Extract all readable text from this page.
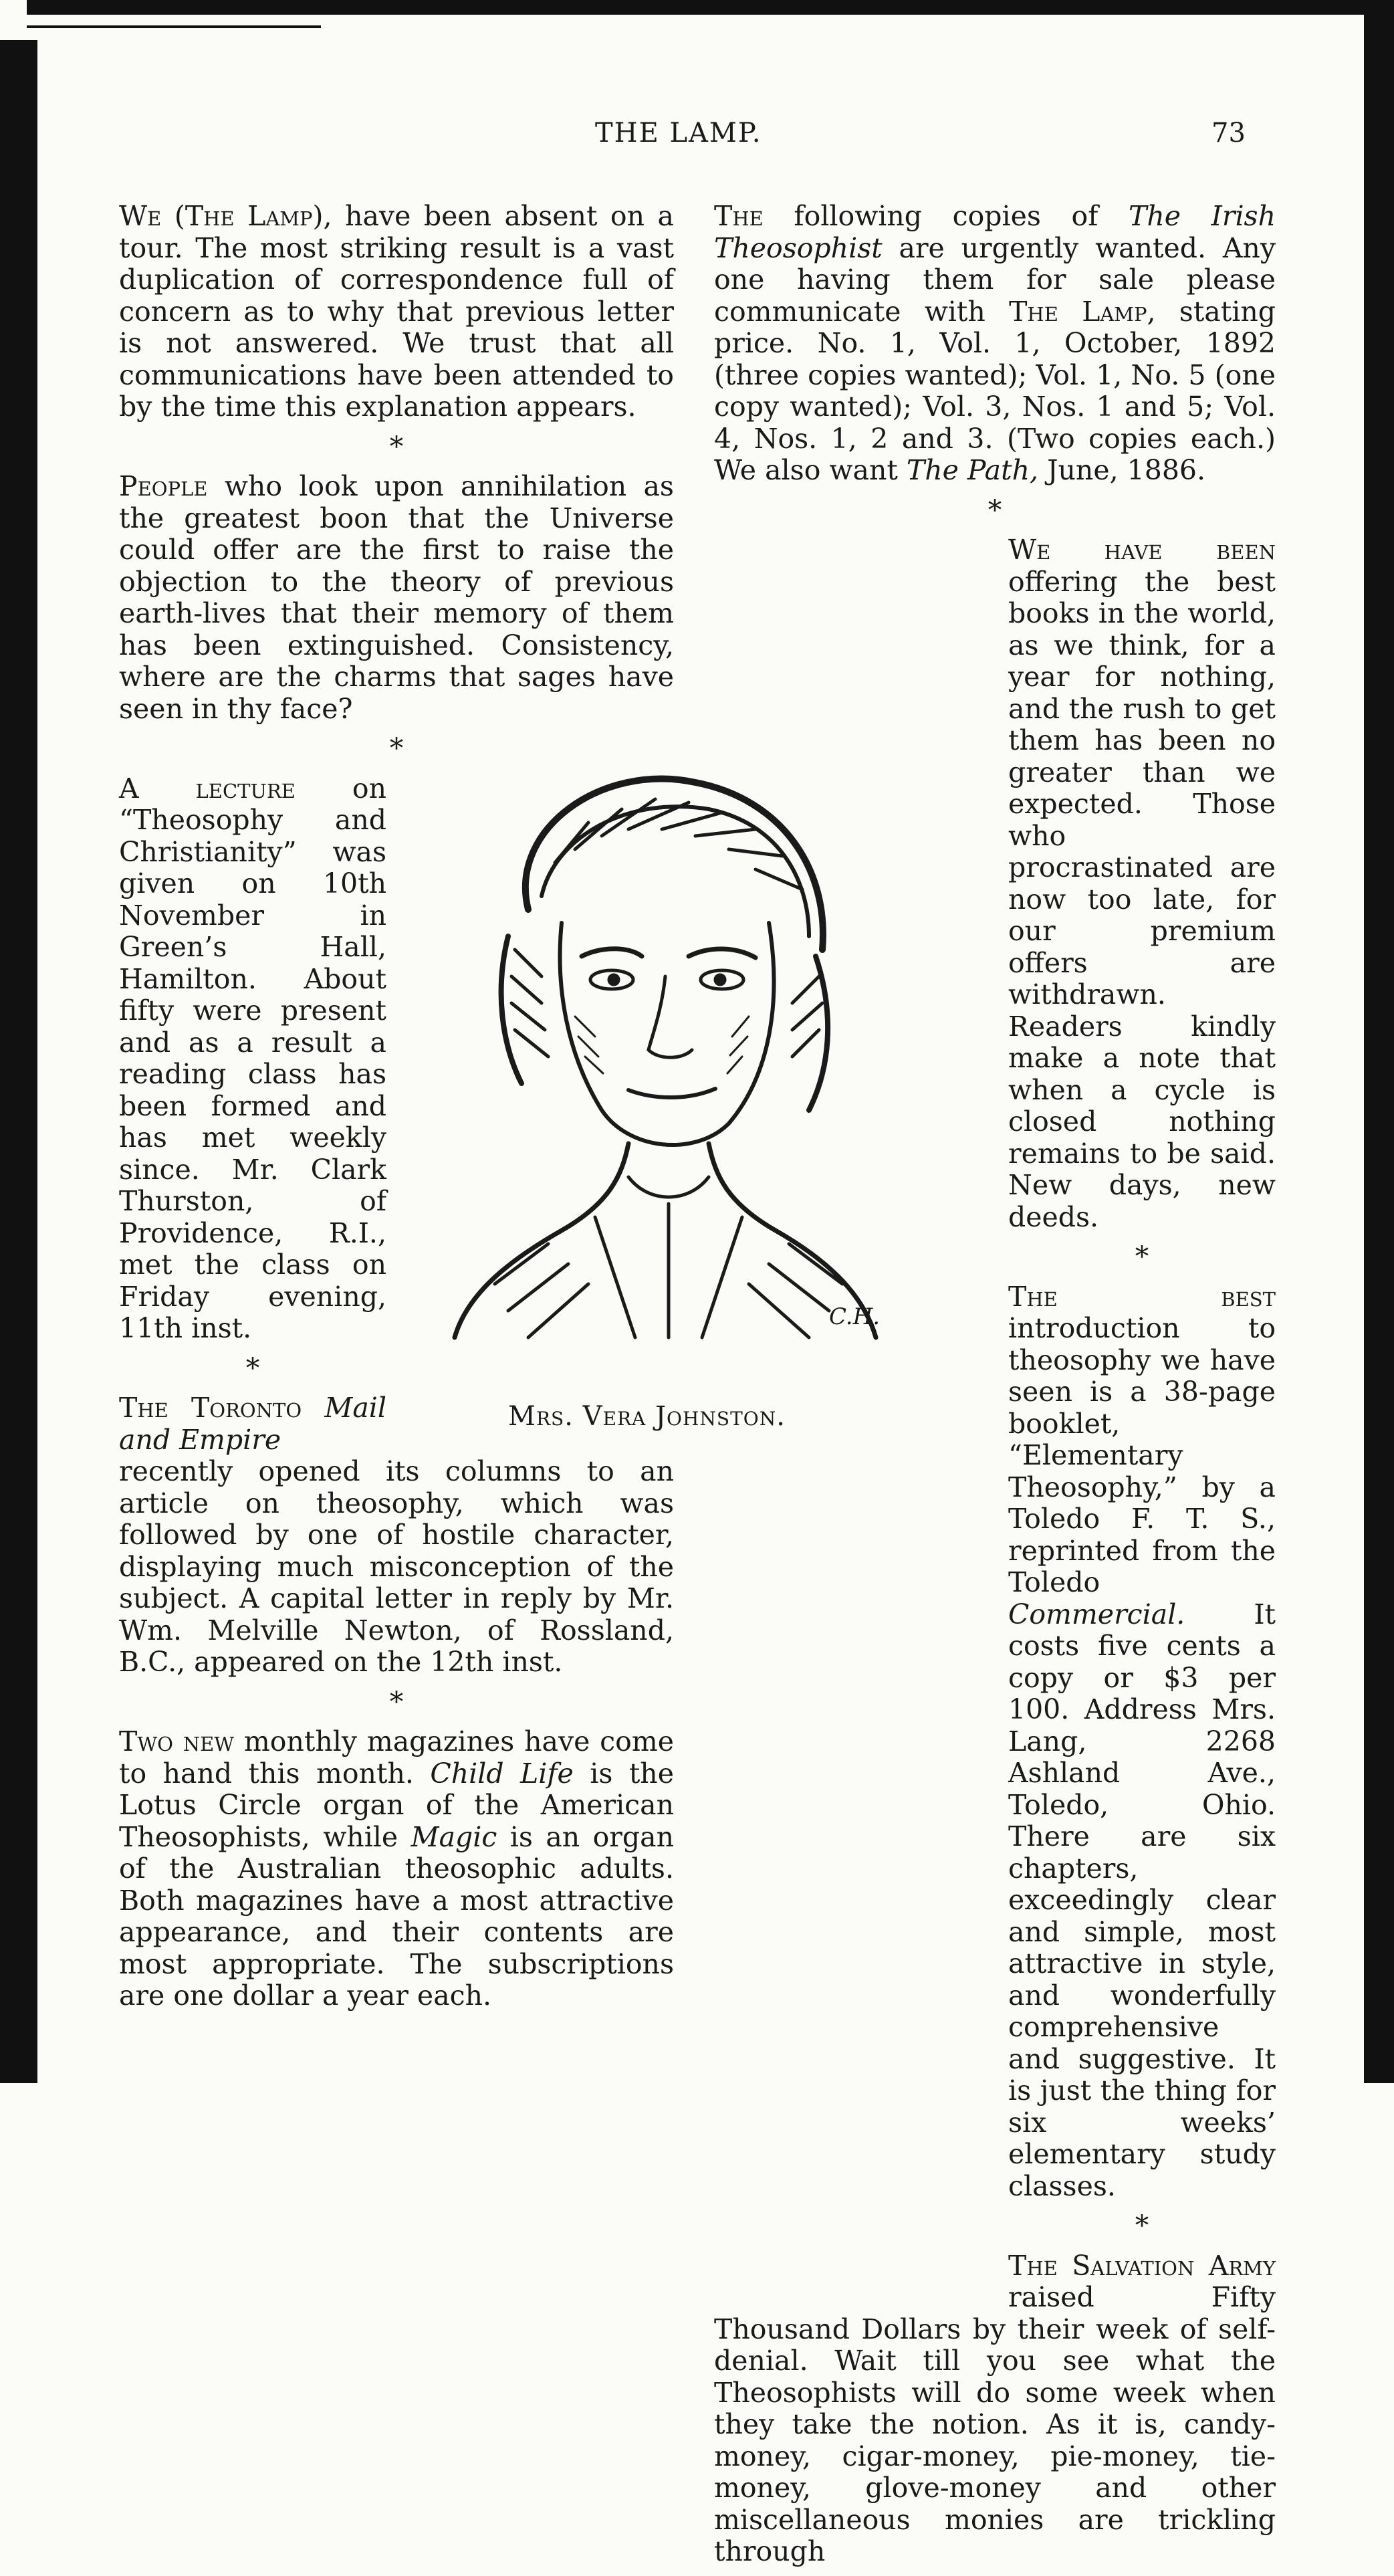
THE LAMP.	73

We (The Lamp), have been absent on a tour. The most striking result is a vast duplication of correspondence full of concern as to why that previous letter is not answered. We trust that all communications have been attended to by the time this explanation appears.

*

People who look upon annihilation as the greatest boon that the Universe could offer are the first to raise the objection to the theory of previous earth-lives that their memory of them has been extinguished. Consistency, where are the charms that sages have seen in thy face?

*

A lecture on “Theosophy and Christianity” was given on 10th November in Green’s Hall, Hamilton. About fifty were present and as a result a reading class has been formed and has met weekly since. Mr. Clark Thurston, of Providence, R.I., met the class on Friday evening, 11th inst.

*

The Toronto Mail and Empire

recently opened its columns to an article on theosophy, which was followed by one of hostile character, displaying much misconception of the subject. A capital letter in reply by Mr. Wm. Melville Newton, of Rossland, B.C., appeared on the 12th inst.

*

Two new monthly magazines have come to hand this month. Child Life is the Lotus Circle organ of the American Theosophists, while Magic is an organ of the Australian theosophic adults. Both magazines have a most attractive appearance, and their contents are most appropriate. The subscriptions are one dollar a year each.

The following copies of The Irish Theosophist are urgently wanted. Any one having them for sale please communicate with The Lamp, stating price. No. 1, Vol. 1, October, 1892 (three copies wanted); Vol. 1, No. 5 (one copy wanted); Vol. 3, Nos. 1 and 5; Vol. 4, Nos. 1, 2 and 3. (Two copies each.) We also want The Path, June, 1886.

*

We have been offering the best books in the world, as we think, for a year for nothing, and the rush to get them has been no greater than we expected. Those who procrastinated are now too late, for our premium offers are withdrawn. Readers kindly make a note that when a cycle is closed nothing remains to be said. New days, new deeds.

*

The best introduction to theosophy we have seen is a 38-page booklet, “Elementary Theosophy,” by a Toledo F. T. S., reprinted from the Toledo Commercial.	It costs five cents a copy or $3 per 100. Address Mrs. Lang, 2268 Ashland Ave., Toledo, Ohio. There are six chapters, exceedingly clear and simple, most attractive in style, and wonderfully comprehensive and suggestive. It is just the thing for six weeks’ elementary study classes.

*

The Salvation Army raised Fifty Thousand Dollars by their week of self-denial. Wait till you see what the Theosophists will do some week when they take the notion. As it is, candy-money, cigar-money, pie-money, tie-money, glove-money and other miscellaneous monies are trickling through

C.H.
Mrs. Vera Johnston.
